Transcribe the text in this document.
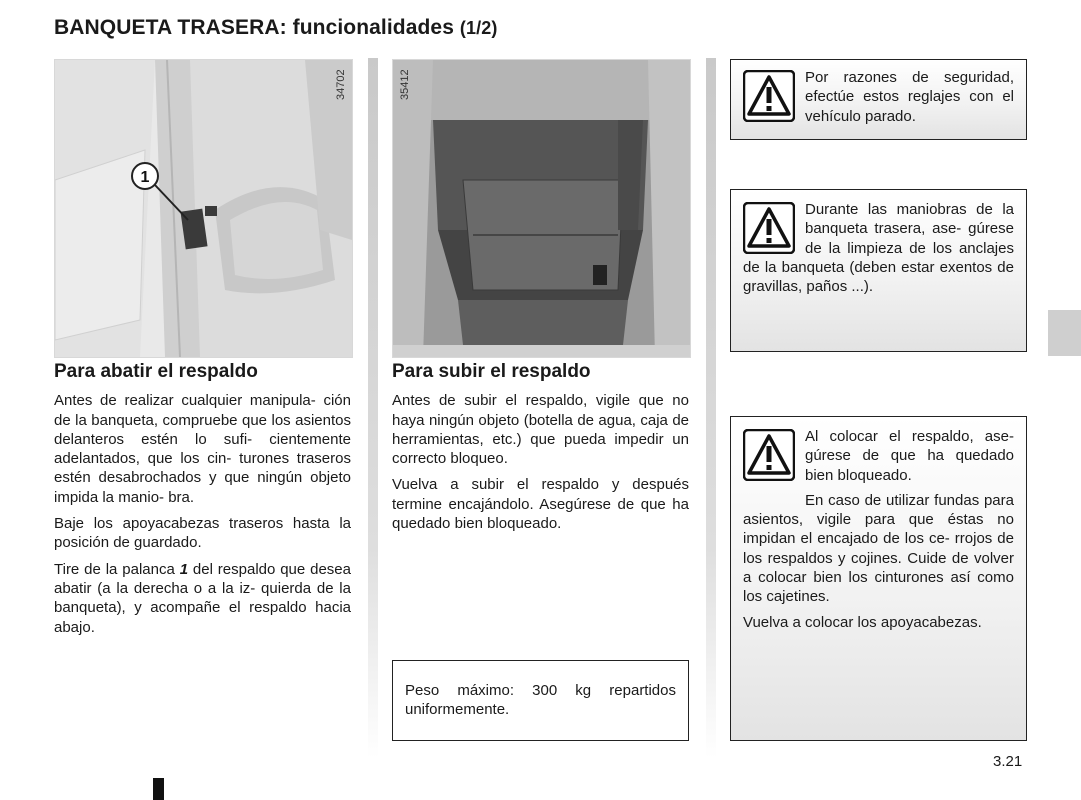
BANQUETA TRASERA: funcionalidades (1/2)
1
34702	35412
Para abatir el respaldo

Antes de realizar cualquier manipula- ción de la banqueta, compruebe que los asientos delanteros estén lo sufi- cientemente adelantados, que los cin- turones traseros estén desabrochados y que ningún objeto impida la manio- bra.

Baje los apoyacabezas traseros hasta la posición de guardado.

Tire de la palanca 1 del respaldo que desea abatir (a la derecha o a la iz- quierda de la banqueta), y acompañe el respaldo hacia abajo.

Para subir el respaldo

Antes de subir el respaldo, vigile que no haya ningún objeto (botella de agua, caja de herramientas, etc.) que pueda impedir un correcto bloqueo.

Vuelva a subir el respaldo y después termine encajándolo. Asegúrese de que ha quedado bien bloqueado.

Peso máximo: 300 kg repartidos uniformemente.

Por razones de seguridad, efectúe estos reglajes con el vehículo parado.

Durante las maniobras de la banqueta trasera, ase- gúrese de la limpieza de los anclajes de la banqueta (deben estar exentos de gravillas, paños ...).

Al colocar el respaldo, ase- gúrese de que ha quedado bien bloqueado.

En caso de utilizar fundas para asientos, vigile para que éstas no impidan el encajado de los ce- rrojos de los respaldos y cojines. Cuide de volver a colocar bien los cinturones así como los cajetines.

Vuelva a colocar los apoyacabezas.

3.21
